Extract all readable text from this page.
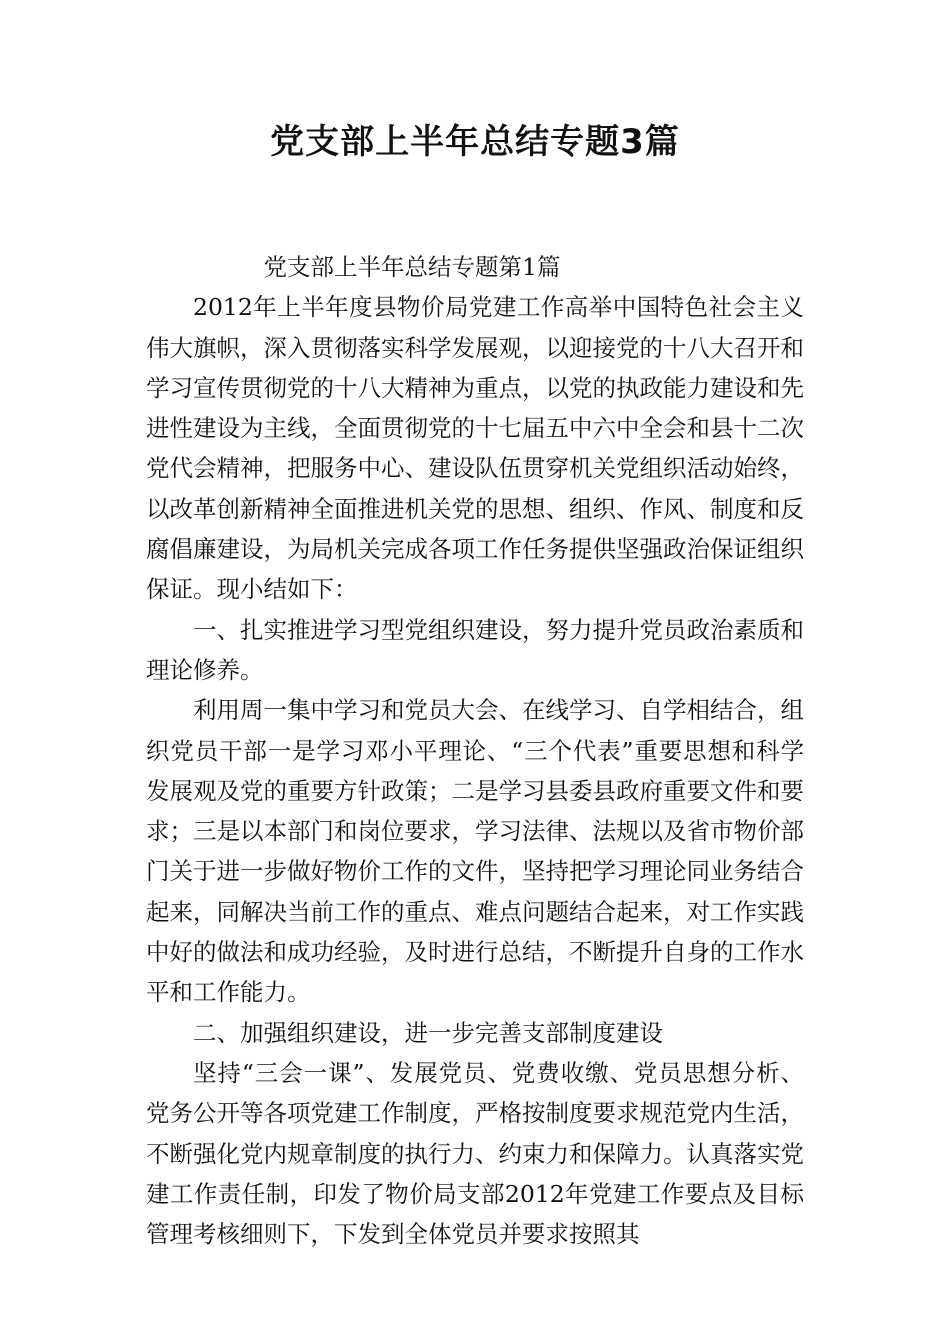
党支部上半年总结专题3篇

党支部上半年总结专题第1篇

2012年上半年度县物价局党建工作高举中国特色社会主义伟大旗帜，深入贯彻落实科学发展观，以迎接党的十八大召开和学习宣传贯彻党的十八大精神为重点，以党的执政能力建设和先进性建设为主线，全面贯彻党的十七届五中六中全会和县十二次党代会精神，把服务中心、建设队伍贯穿机关党组织活动始终，以改革创新精神全面推进机关党的思想、组织、作风、制度和反腐倡廉建设，为局机关完成各项工作任务提供坚强政治保证组织保证。现小结如下：

一、扎实推进学习型党组织建设，努力提升党员政治素质和理论修养。

利用周一集中学习和党员大会、在线学习、自学相结合，组织党员干部一是学习邓小平理论、“三个代表”重要思想和科学发展观及党的重要方针政策；二是学习县委县政府重要文件和要求；三是以本部门和岗位要求，学习法律、法规以及省市物价部门关于进一步做好物价工作的文件，坚持把学习理论同业务结合起来，同解决当前工作的重点、难点问题结合起来，对工作实践中好的做法和成功经验，及时进行总结，不断提升自身的工作水平和工作能力。

二、加强组织建设，进一步完善支部制度建设

坚持“三会一课”、发展党员、党费收缴、党员思想分析、党务公开等各项党建工作制度，严格按制度要求规范党内生活，不断强化党内规章制度的执行力、约束力和保障力。认真落实党建工作责任制，印发了物价局支部2012年党建工作要点及目标管理考核细则下，下发到全体党员并要求按照其
